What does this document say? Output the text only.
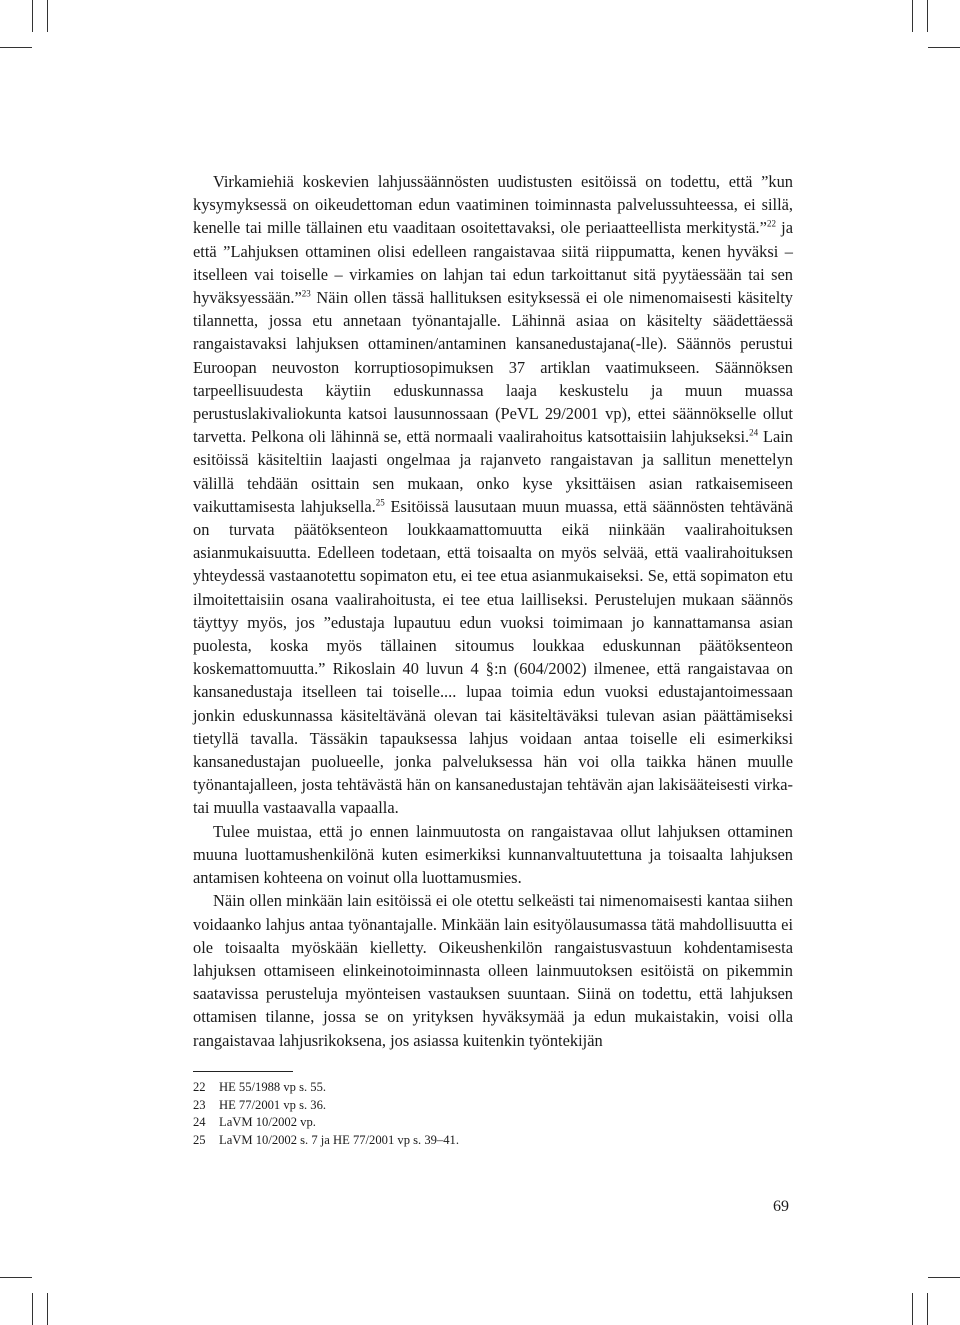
Virkamiehiä koskevien lahjussäännösten uudistusten esitöissä on todettu, että ”kun kysymyksessä on oikeudettoman edun vaatiminen toiminnasta palvelussuhteessa, ei sillä, kenelle tai mille tällainen etu vaaditaan osoitettavaksi, ole periaatteellista merkitystä.”$^{22}$ ja että ”Lahjuksen ottaminen olisi edelleen rangaistavaa siitä riippumatta, kenen hyväksi – itselleen vai toiselle – virkamies on lahjan tai edun tarkoittanut sitä pyytäessään tai sen hyväksyessään.”$^{23}$ Näin ollen tässä hallituksen esityksessä ei ole nimenomaisesti käsitelty tilannetta, jossa etu annetaan työnantajalle. Lähinnä asiaa on käsitelty säädettäessä rangaistavaksi lahjuksen ottaminen/antaminen kansanedustajana(-lle). Säännös perustui Euroopan neuvoston korruptiosopimuksen 37 artiklan vaatimukseen. Säännöksen tarpeellisuudesta käytiin eduskunnassa laaja keskustelu ja muun muassa perustuslakivaliokunta katsoi lausunnossaan (PeVL 29/2001 vp), ettei säännökselle ollut tarvetta. Pelkona oli lähinnä se, että normaali vaalirahoitus katsottaisiin lahjukseksi.$^{24}$ Lain esitöissä käsiteltiin laajasti ongelmaa ja rajanveto rangaistavan ja sallitun menettelyn välillä tehdään osittain sen mukaan, onko kyse yksittäisen asian ratkaisemiseen vaikuttamisesta lahjuksella.$^{25}$ Esitöissä lausutaan muun muassa, että säännösten tehtävänä on turvata päätöksenteon loukkaamattomuutta eikä niinkään vaalirahoituksen asianmukaisuutta. Edelleen todetaan, että toisaalta on myös selvää, että vaalirahoituksen yhteydessä vastaanotettu sopimaton etu, ei tee etua asianmukaiseksi. Se, että sopimaton etu ilmoitettaisiin osana vaalirahoitusta, ei tee etua lailliseksi. Perustelujen mukaan säännös täyttyy myös, jos ”edustaja lupautuu edun vuoksi toimimaan jo kannattamansa asian puolesta, koska myös tällainen sitoumus loukkaa eduskunnan päätöksenteon koskemattomuutta.” Rikoslain 40 luvun 4 §:n (604/2002) ilmenee, että rangaistavaa on kansanedustaja itselleen tai toiselle.... lupaa toimia edun vuoksi edustajantoimessaan jonkin eduskunnassa käsiteltävänä olevan tai käsiteltäväksi tulevan asian päättämiseksi tietyllä tavalla. Tässäkin tapauksessa lahjus voidaan antaa toiselle eli esimerkiksi kansanedustajan puolueelle, jonka palveluksessa hän voi olla taikka hänen muulle työnantajalleen, josta tehtävästä hän on kansanedustajan tehtävän ajan lakisääteisesti virka- tai muulla vastaavalla vapaalla.

Tulee muistaa, että jo ennen lainmuutosta on rangaistavaa ollut lahjuksen ottaminen muuna luottamushenkilönä kuten esimerkiksi kunnanvaltuutettuna ja toisaalta lahjuksen antamisen kohteena on voinut olla luottamusmies.

Näin ollen minkään lain esitöissä ei ole otettu selkeästi tai nimenomaisesti kantaa siihen voidaanko lahjus antaa työnantajalle. Minkään lain esityölausumassa tätä mahdollisuutta ei ole toisaalta myöskään kielletty. Oikeushenkilön rangaistusvastuun kohdentamisesta lahjuksen ottamiseen elinkeinotoiminnasta olleen lainmuutoksen esitöistä on pikemmin saatavissa perusteluja myönteisen vastauksen suuntaan. Siinä on todettu, että lahjuksen ottamisen tilanne, jossa se on yrityksen hyväksymää ja edun mukaistakin, voisi olla rangaistavaa lahjusrikoksena, jos asiassa kuitenkin työntekijän

22	HE 55/1988 vp s. 55.
23	HE 77/2001 vp s. 36.
24	LaVM 10/2002 vp.
25	LaVM 10/2002 s. 7 ja HE 77/2001 vp s. 39–41.
69
